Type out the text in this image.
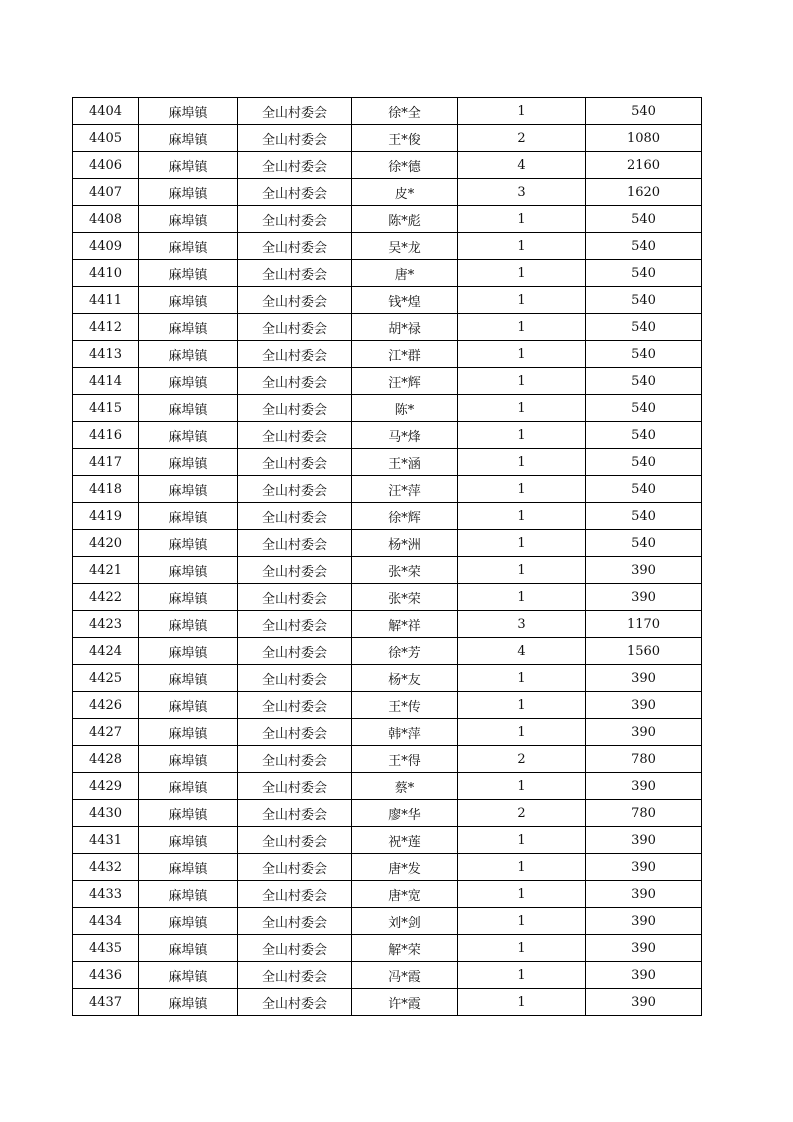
4404	麻埠镇	全山村委会	徐*全	1	540
4405	麻埠镇	全山村委会	王*俊	2	1080
4406	麻埠镇	全山村委会	徐*德	4	2160
4407	麻埠镇	全山村委会	皮*	3	1620
4408	麻埠镇	全山村委会	陈*彪	1	540
4409	麻埠镇	全山村委会	吴*龙	1	540
4410	麻埠镇	全山村委会	唐*	1	540
4411	麻埠镇	全山村委会	钱*煌	1	540
4412	麻埠镇	全山村委会	胡*禄	1	540
4413	麻埠镇	全山村委会	江*群	1	540
4414	麻埠镇	全山村委会	汪*辉	1	540
4415	麻埠镇	全山村委会	陈*	1	540
4416	麻埠镇	全山村委会	马*烽	1	540
4417	麻埠镇	全山村委会	王*涵	1	540
4418	麻埠镇	全山村委会	汪*萍	1	540
4419	麻埠镇	全山村委会	徐*辉	1	540
4420	麻埠镇	全山村委会	杨*洲	1	540
4421	麻埠镇	全山村委会	张*荣	1	390
4422	麻埠镇	全山村委会	张*荣	1	390
4423	麻埠镇	全山村委会	解*祥	3	1170
4424	麻埠镇	全山村委会	徐*芳	4	1560
4425	麻埠镇	全山村委会	杨*友	1	390
4426	麻埠镇	全山村委会	王*传	1	390
4427	麻埠镇	全山村委会	韩*萍	1	390
4428	麻埠镇	全山村委会	王*得	2	780
4429	麻埠镇	全山村委会	蔡*	1	390
4430	麻埠镇	全山村委会	廖*华	2	780
4431	麻埠镇	全山村委会	祝*莲	1	390
4432	麻埠镇	全山村委会	唐*发	1	390
4433	麻埠镇	全山村委会	唐*宽	1	390
4434	麻埠镇	全山村委会	刘*剑	1	390
4435	麻埠镇	全山村委会	解*荣	1	390
4436	麻埠镇	全山村委会	冯*霞	1	390
4437	麻埠镇	全山村委会	许*霞	1	390
